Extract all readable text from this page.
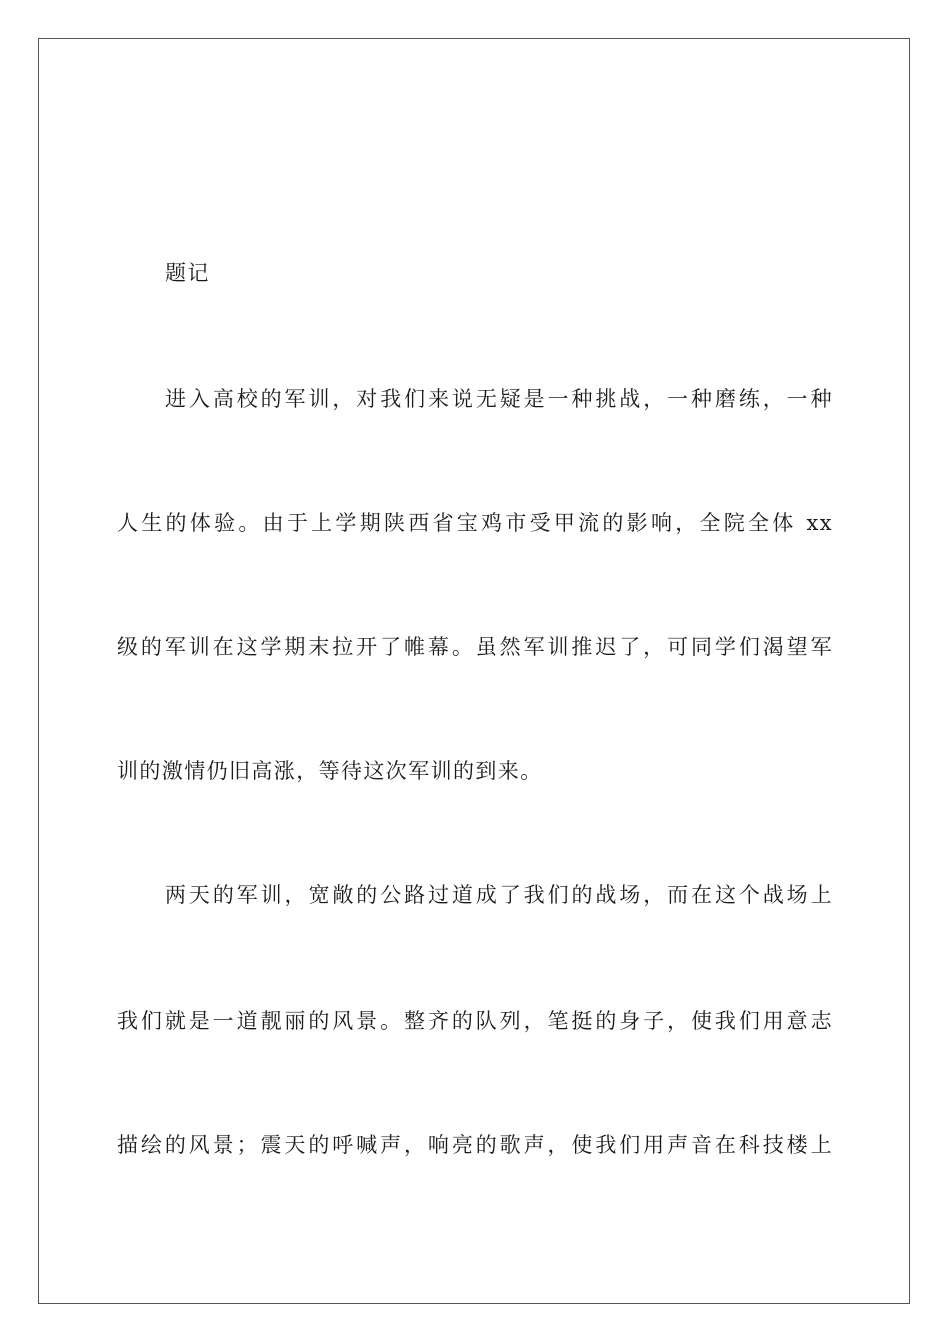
题记
进入高校的军训，对我们来说无疑是一种挑战，一种磨练，一种
人生的体验。由于上学期陕西省宝鸡市受甲流的影响，全院全体 xx
级的军训在这学期末拉开了帷幕。虽然军训推迟了，可同学们渴望军
训的激情仍旧高涨，等待这次军训的到来。
两天的军训，宽敞的公路过道成了我们的战场，而在这个战场上
我们就是一道靓丽的风景。整齐的队列，笔挺的身子，使我们用意志
描绘的风景；震天的呼喊声，响亮的歌声，使我们用声音在科技楼上
